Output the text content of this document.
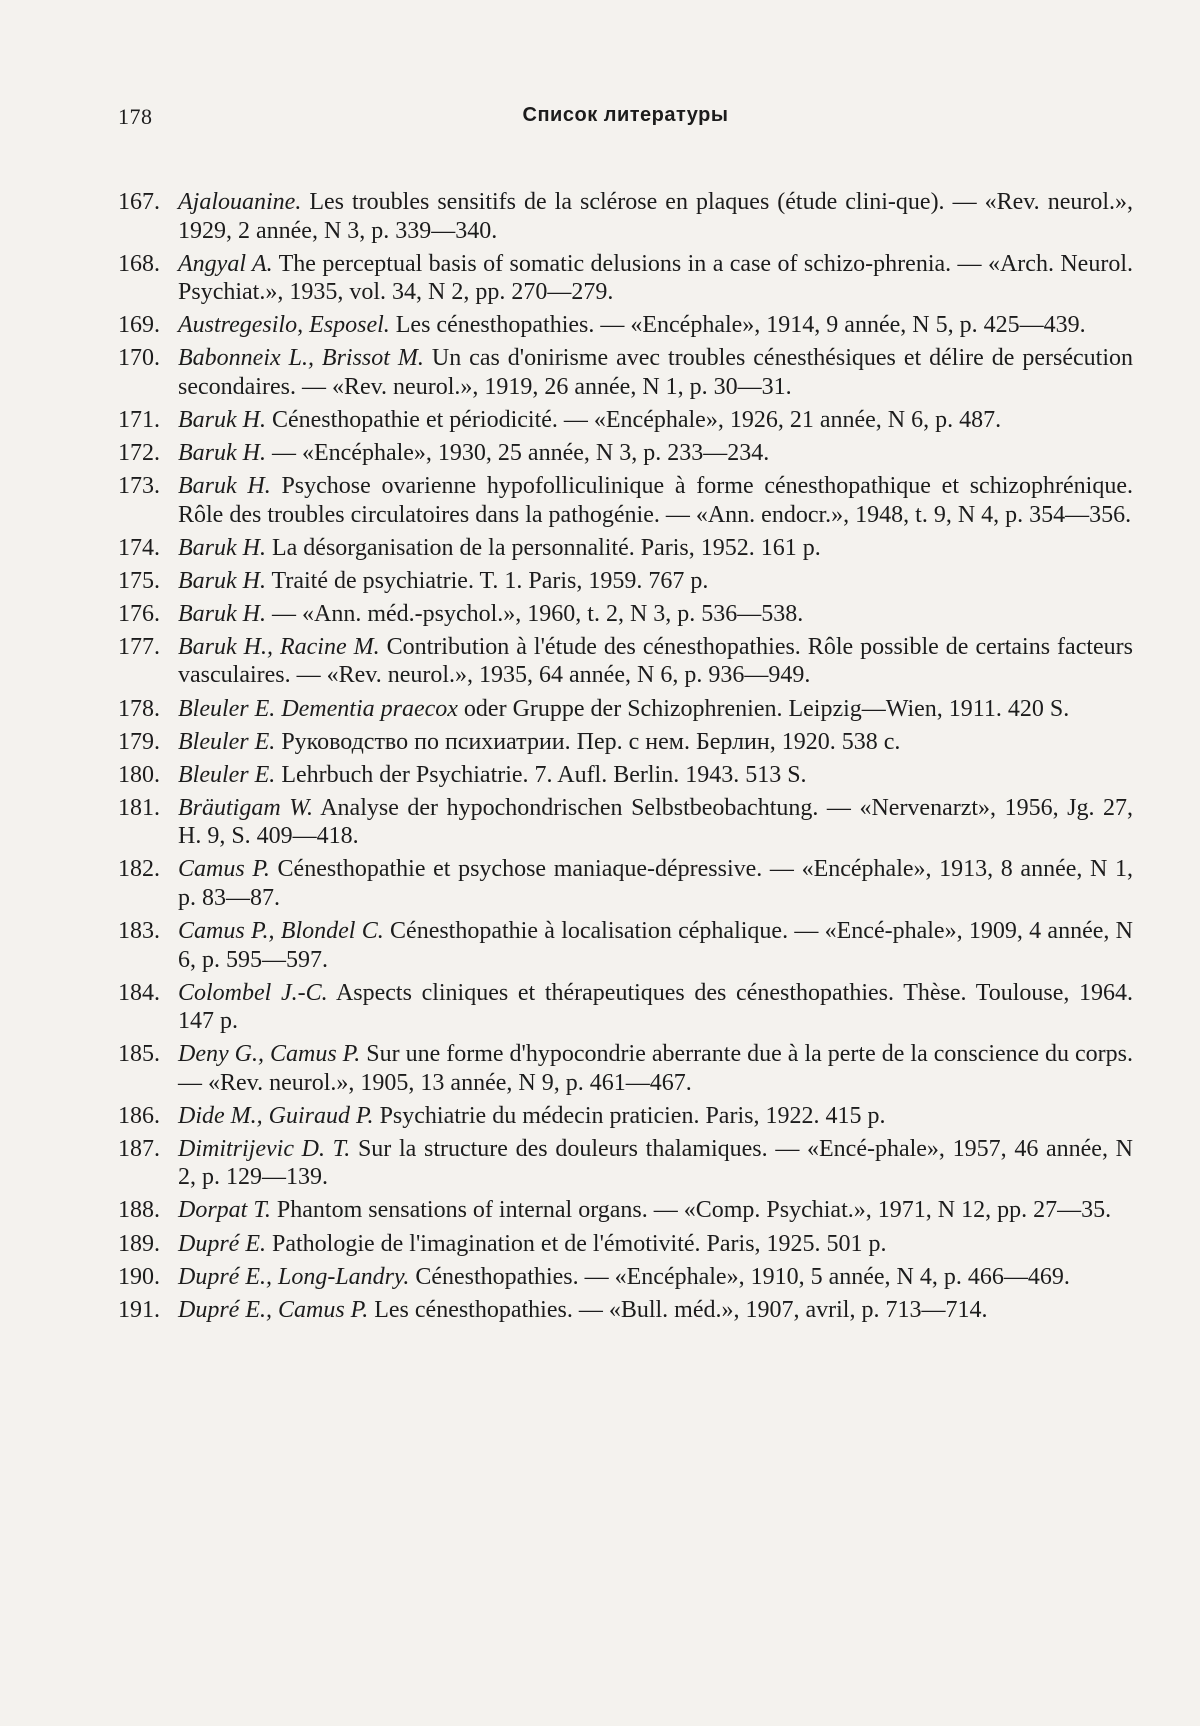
178	Список литературы
167. Ajalouanine. Les troubles sensitifs de la sclérose en plaques (étude clini-que). — «Rev. neurol.», 1929, 2 année, N 3, p. 339—340.
168. Angyal A. The perceptual basis of somatic delusions in a case of schizo-phrenia. — «Arch. Neurol. Psychiat.», 1935, vol. 34, N 2, pp. 270—279.
169. Austregesilo, Esposel. Les cénesthopathies. — «Encéphale», 1914, 9 année, N 5, p. 425—439.
170. Babonneix L., Brissot M. Un cas d'onirisme avec troubles cénesthésiques et délire de persécution secondaires. — «Rev. neurol.», 1919, 26 année, N 1, p. 30—31.
171. Baruk H. Cénesthopathie et périodicité. — «Encéphale», 1926, 21 année, N 6, p. 487.
172. Baruk H. — «Encéphale», 1930, 25 année, N 3, p. 233—234.
173. Baruk H. Psychose ovarienne hypofolliculinique à forme cénesthopathique et schizophrénique. Rôle des troubles circulatoires dans la pathogénie. — «Ann. endocr.», 1948, t. 9, N 4, p. 354—356.
174. Baruk H. La désorganisation de la personnalité. Paris, 1952. 161 p.
175. Baruk H. Traité de psychiatrie. T. 1. Paris, 1959. 767 p.
176. Baruk H. — «Ann. méd.-psychol.», 1960, t. 2, N 3, p. 536—538.
177. Baruk H., Racine M. Contribution à l'étude des cénesthopathies. Rôle possible de certains facteurs vasculaires. — «Rev. neurol.», 1935, 64 année, N 6, p. 936—949.
178. Bleuler E. Dementia praecox oder Gruppe der Schizophrenien. Leipzig—Wien, 1911. 420 S.
179. Bleuler E. Руководство по психиатрии. Пер. с нем. Берлин, 1920. 538 с.
180. Bleuler E. Lehrbuch der Psychiatrie. 7. Aufl. Berlin. 1943. 513 S.
181. Bräutigam W. Analyse der hypochondrischen Selbstbeobachtung. — «Nervenarzt», 1956, Jg. 27, H. 9, S. 409—418.
182. Camus P. Cénesthopathie et psychose maniaque-dépressive. — «Encéphale», 1913, 8 année, N 1, p. 83—87.
183. Camus P., Blondel C. Cénesthopathie à localisation céphalique. — «Encé-phale», 1909, 4 année, N 6, p. 595—597.
184. Colombel J.-C. Aspects cliniques et thérapeutiques des cénesthopathies. Thèse. Toulouse, 1964. 147 p.
185. Deny G., Camus P. Sur une forme d'hypocondrie aberrante due à la perte de la conscience du corps. — «Rev. neurol.», 1905, 13 année, N 9, p. 461—467.
186. Dide M., Guiraud P. Psychiatrie du médecin praticien. Paris, 1922. 415 p.
187. Dimitrijevic D. T. Sur la structure des douleurs thalamiques. — «Encé-phale», 1957, 46 année, N 2, p. 129—139.
188. Dorpat T. Phantom sensations of internal organs. — «Comp. Psychiat.», 1971, N 12, pp. 27—35.
189. Dupré E. Pathologie de l'imagination et de l'émotivité. Paris, 1925. 501 p.
190. Dupré E., Long-Landry. Cénesthopathies. — «Encéphale», 1910, 5 année, N 4, p. 466—469.
191. Dupré E., Camus P. Les cénesthopathies. — «Bull. méd.», 1907, avril, p. 713—714.
